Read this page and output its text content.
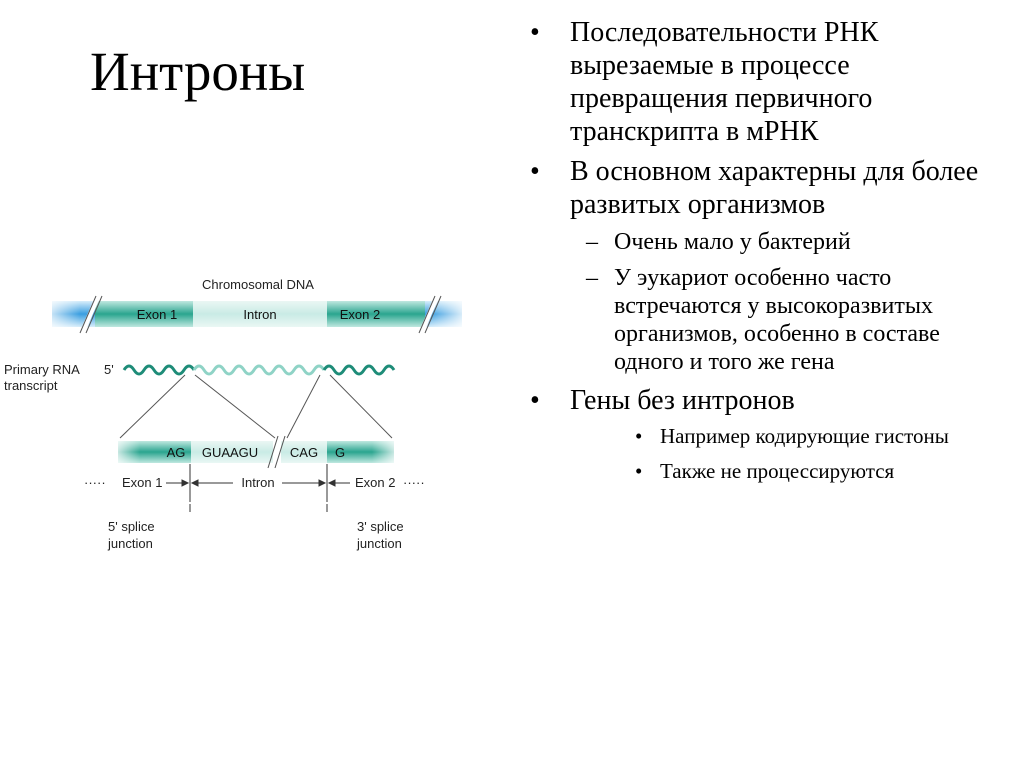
Интроны
• Последовательности РНК вырезаемые в процессе превращения первичного транскрипта в мРНК
• В основном характерны для более развитых организмов
– Очень мало у бактерий
– У эукариот особенно часто встречаются у высокоразвитых организмов, особенно в составе одного и того же гена
• Гены без интронов
• Например кодирующие гистоны
• Также не процессируются
Chromosomal DNA
Exon 1	Intron	Exon 2
Primary RNA
transcript
5'
AG GUAAGU CAG G
····· Exon 1	Intron	Exon 2 ·····
5' splice
junction
3' splice
junction
